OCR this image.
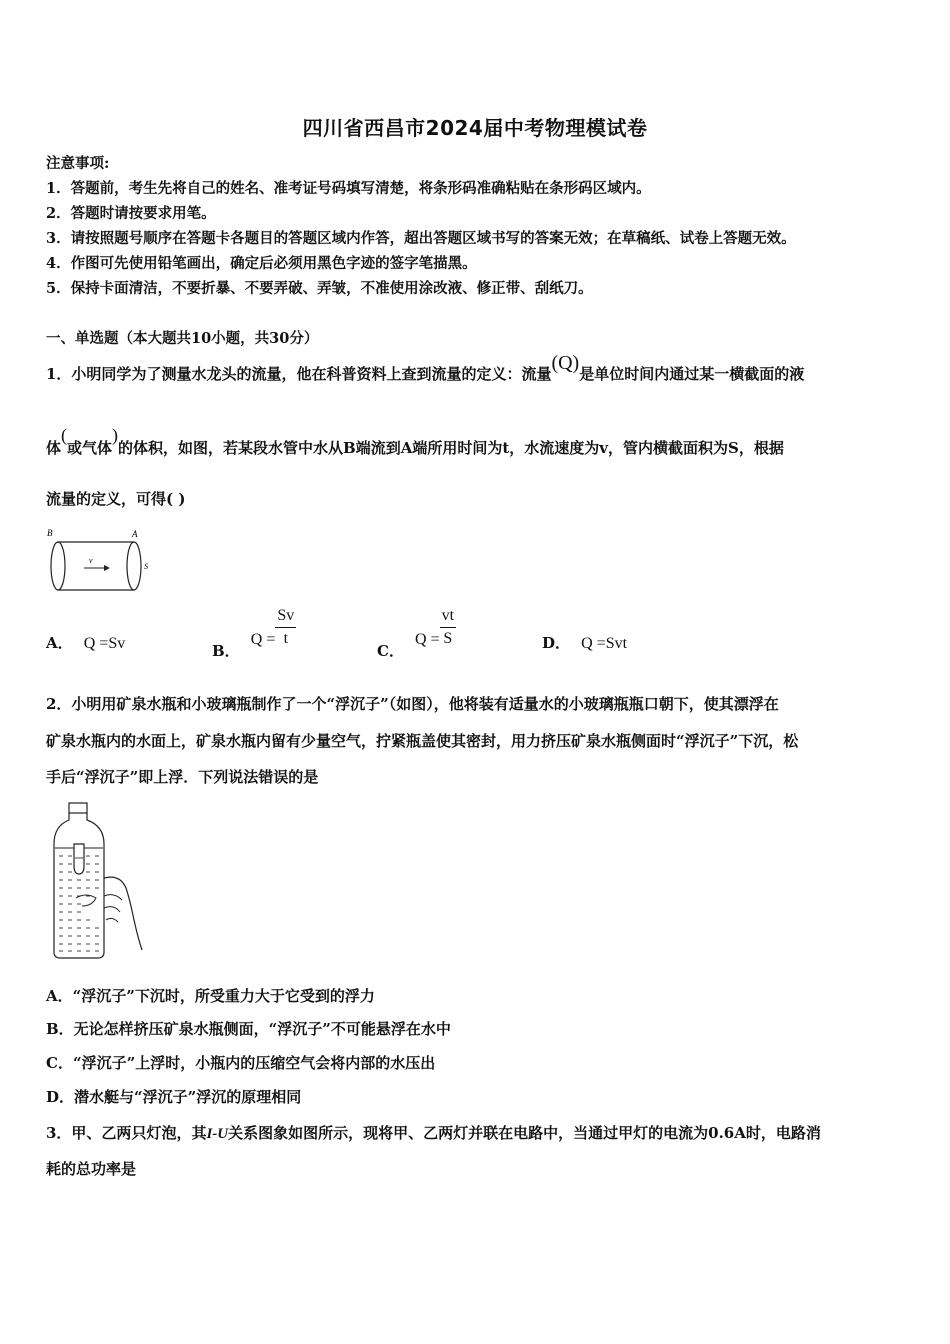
四川省西昌市2024届中考物理模试卷
注意事项:
1．答题前，考生先将自己的姓名、准考证号码填写清楚，将条形码准确粘贴在条形码区域内。
2．答题时请按要求用笔。
3．请按照题号顺序在答题卡各题目的答题区域内作答，超出答题区域书写的答案无效；在草稿纸、试卷上答题无效。
4．作图可先使用铅笔画出，确定后必须用黑色字迹的签字笔描黑。
5．保持卡面清洁，不要折暴、不要弄破、弄皱，不准使用涂改液、修正带、刮纸刀。
一、单选题（本大题共10小题，共30分）
1．小明同学为了测量水龙头的流量，他在科普资料上查到流量的定义：流量(Q)是单位时间内通过某一横截面的液
体(或气体)的体积，如图，若某段水管中水从B端流到A端所用时间为t，水流速度为v，管内横截面积为S，根据
流量的定义，可得( )
B	A
v
S
A． Q =Sv	B． $Q = \frac{Sv}{t}$
C． $Q = \frac{vt}{S}$	D． Q =Svt
2．小明用矿泉水瓶和小玻璃瓶制作了一个“浮沉子”（如图），他将装有适量水的小玻璃瓶瓶口朝下，使其漂浮在
矿泉水瓶内的水面上，矿泉水瓶内留有少量空气，拧紧瓶盖使其密封，用力挤压矿泉水瓶侧面时“浮沉子”下沉，松
手后“浮沉子”即上浮．下列说法错误的是
A．“浮沉子”下沉时，所受重力大于它受到的浮力
B．无论怎样挤压矿泉水瓶侧面，“浮沉子”不可能悬浮在水中
C．“浮沉子”上浮时，小瓶内的压缩空气会将内部的水压出
D．潜水艇与“浮沉子”浮沉的原理相同
3．甲、乙两只灯泡，其I-U关系图象如图所示，现将甲、乙两灯并联在电路中，当通过甲灯的电流为0.6A时，电路消
耗的总功率是
